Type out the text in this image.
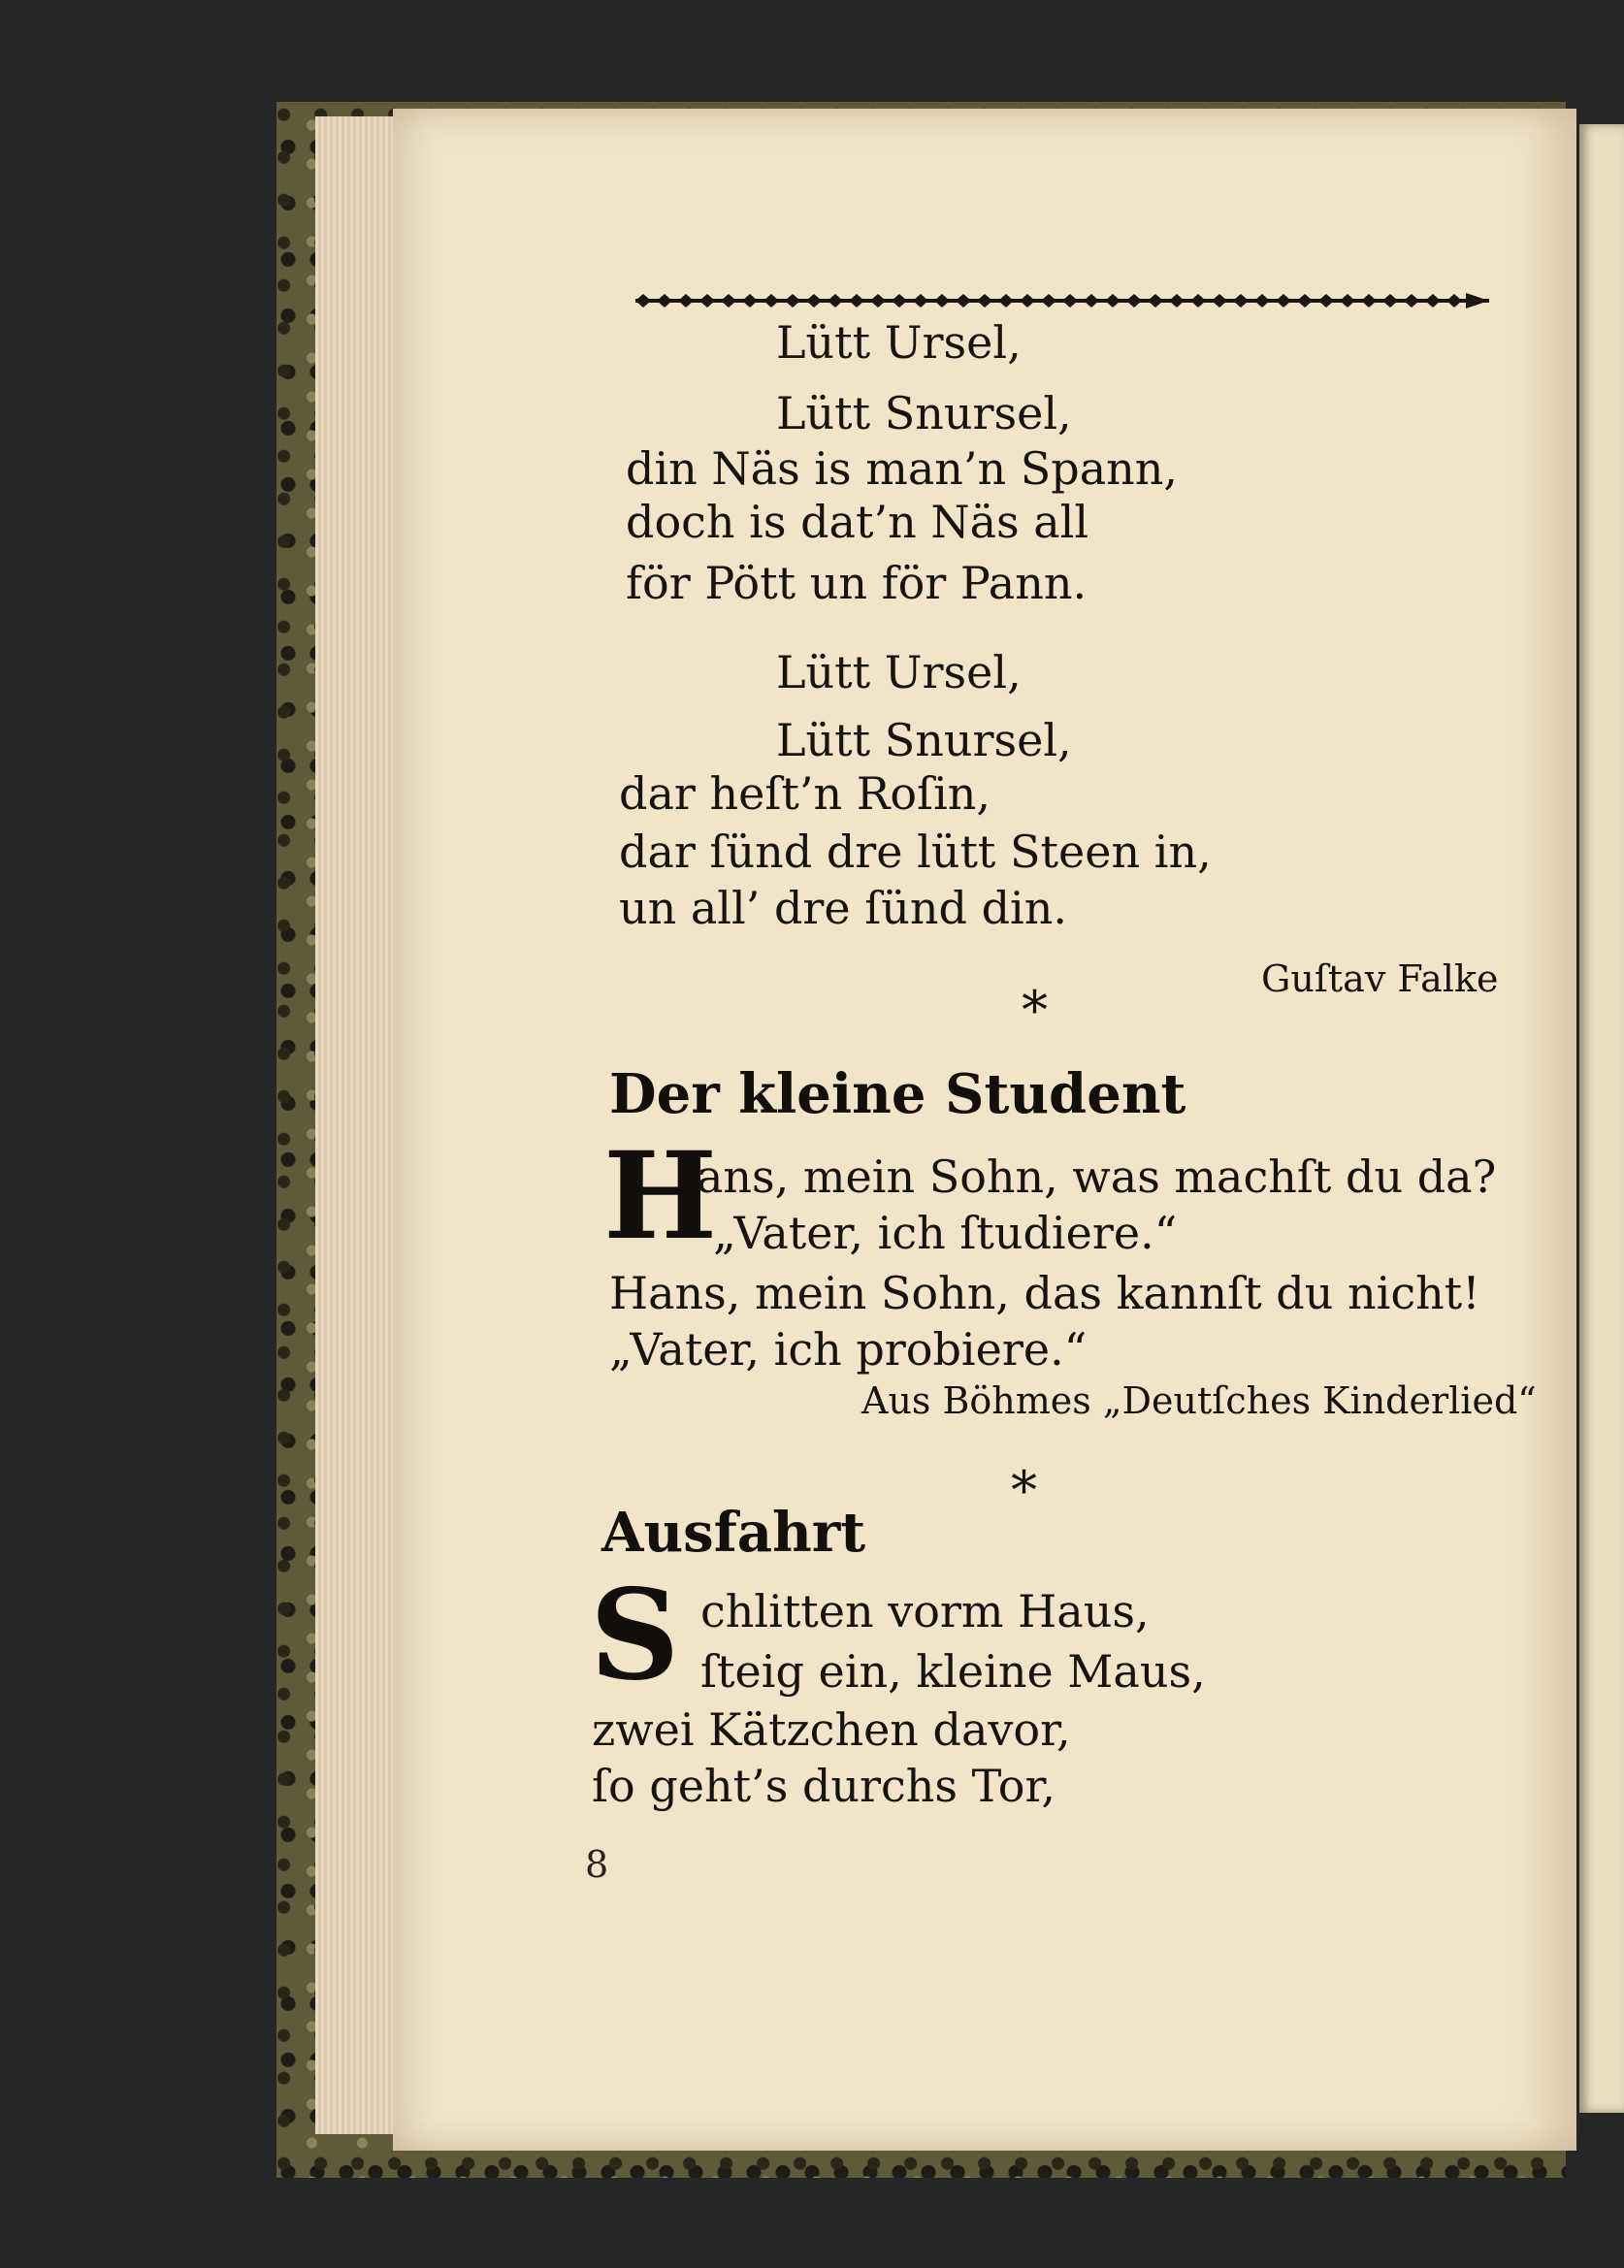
Lütt Ursel,
Lütt Snursel,
din Näs is man’n Spann,
doch is dat’n Näs all
för Pött un för Pann.
Lütt Ursel,
Lütt Snursel,
dar heſt’n Roſin,
dar ſünd dre lütt Steen in,
un all’ dre ſünd din.
Guſtav Falke
*
Der kleine Student
H
ans, mein Sohn, was machſt du da?
„Vater, ich ſtudiere.“
Hans, mein Sohn, das kannſt du nicht!
„Vater, ich probiere.“
Aus Böhmes „Deutſches Kinderlied“
*
Ausfahrt
S chlitten vorm Haus,
ſteig ein, kleine Maus,
zwei Kätzchen davor,
ſo geht’s durchs Tor,
8
